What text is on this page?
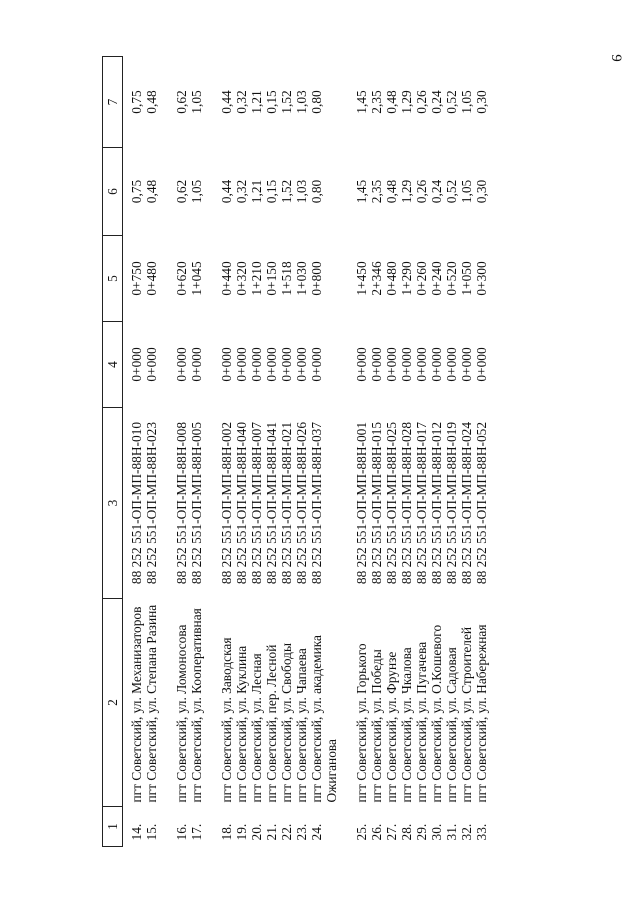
9
1	2	3	4	5	6	7
14.	пгт Советский, ул. Механизаторов	88 252 551-ОП-МП-88Н-010	0+000	0+750	0,75	0,75
15.	пгт Советский, ул. Степана Разина	88 252 551-ОП-МП-88Н-023	0+000	0+480	0,48	0,48
16.	пгт Советский, ул. Ломоносова	88 252 551-ОП-МП-88Н-008	0+000	0+620	0,62	0,62
17.	пгт Советский, ул. Кооперативная	88 252 551-ОП-МП-88Н-005	0+000	1+045	1,05	1,05
18.	пгт Советский, ул. Заводская	88 252 551-ОП-МП-88Н-002	0+000	0+440	0,44	0,44
19.	пгт Советский, ул. Куклина	88 252 551-ОП-МП-88Н-040	0+000	0+320	0,32	0,32
20.	пгт Советский, ул. Лесная	88 252 551-ОП-МП-88Н-007	0+000	1+210	1,21	1,21
21.	пгт Советский, пер. Лесной	88 252 551-ОП-МП-88Н-041	0+000	0+150	0,15	0,15
22.	пгт Советский, ул. Свободы	88 252 551-ОП-МП-88Н-021	0+000	1+518	1,52	1,52
23.	пгт Советский, ул. Чапаева	88 252 551-ОП-МП-88Н-026	0+000	1+030	1,03	1,03
24.	пгт Советский, ул. академика Ожиганова	88 252 551-ОП-МП-88Н-037	0+000	0+800	0,80	0,80
25.	пгт Советский, ул. Горького	88 252 551-ОП-МП-88Н-001	0+000	1+450	1,45	1,45
26.	пгт Советский, ул. Победы	88 252 551-ОП-МП-88Н-015	0+000	2+346	2,35	2,35
27.	пгт Советский, ул. Фрунзе	88 252 551-ОП-МП-88Н-025	0+000	0+480	0,48	0,48
28.	пгт Советский, ул. Чкалова	88 252 551-ОП-МП-88Н-028	0+000	1+290	1,29	1,29
29.	пгт Советский, ул. Пугачева	88 252 551-ОП-МП-88Н-017	0+000	0+260	0,26	0,26
30.	пгт Советский, ул. О.Кошевого	88 252 551-ОП-МП-88Н-012	0+000	0+240	0,24	0,24
31.	пгт Советский, ул. Садовая	88 252 551-ОП-МП-88Н-019	0+000	0+520	0,52	0,52
32.	пгт Советский, ул. Строителей	88 252 551-ОП-МП-88Н-024	0+000	1+050	1,05	1,05
33.	пгт Советский, ул. Набережная	88 252 551-ОП-МП-88Н-052	0+000	0+300	0,30	0,30
